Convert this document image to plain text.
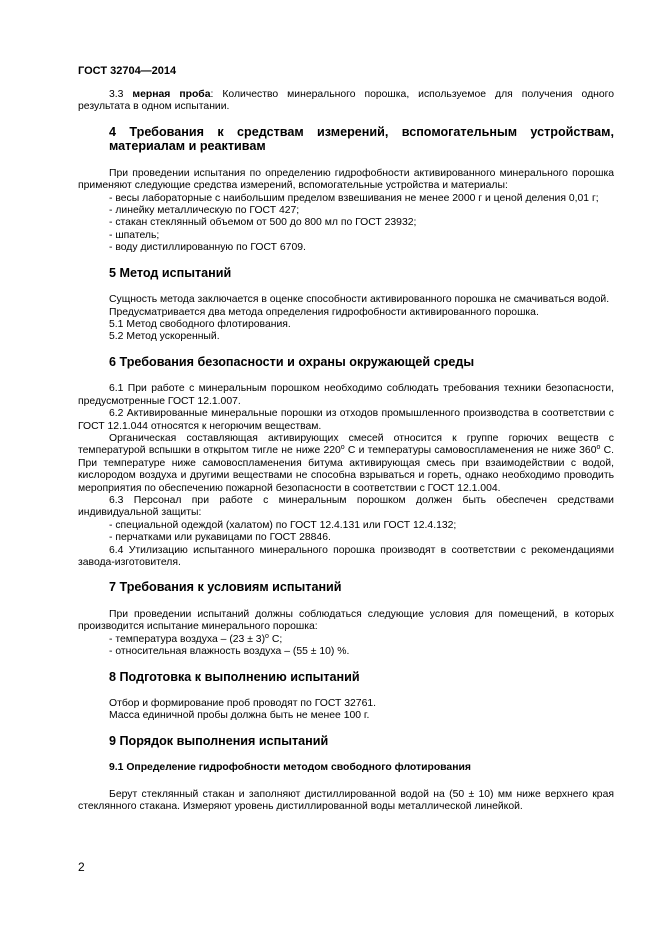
ГОСТ 32704—2014

3.3 мерная проба: Количество минерального порошка, используемое для получения одного результата в одном испытании.

4 Требования к средствам измерений, вспомогательным устройствам, материалам и реактивам

При проведении испытания по определению гидрофобности активированного минерального порошка применяют следующие средства измерений, вспомогательные устройства и материалы:

- весы лабораторные с наибольшим пределом взвешивания не менее 2000 г и ценой деления 0,01 г;

- линейку металлическую по ГОСТ 427;

- стакан стеклянный объемом от 500 до 800 мл по ГОСТ 23932;

- шпатель;

- воду дистиллированную по ГОСТ 6709.

5 Метод испытаний

Сущность метода заключается в оценке способности активированного порошка не смачиваться водой.

Предусматривается два метода определения гидрофобности активированного порошка.

5.1 Метод свободного флотирования.

5.2 Метод ускоренный.

6 Требования безопасности и охраны окружающей среды

6.1 При работе с минеральным порошком необходимо соблюдать требования техники безопасности, предусмотренные ГОСТ 12.1.007.

6.2 Активированные минеральные порошки из отходов промышленного производства в соответствии с ГОСТ 12.1.044 относятся к негорючим веществам.

Органическая составляющая активирующих смесей относится к группе горючих веществ с температурой вспышки в открытом тигле не ниже 220$^o$ С и температуры самовоспламенения не ниже 360$^o$ С. При температуре ниже самовоспламенения битума активирующая смесь при взаимодействии с водой, кислородом воздуха и другими веществами не способна взрываться и гореть, однако необходимо проводить мероприятия по обеспечению пожарной безопасности в соответствии с ГОСТ 12.1.004.

6.3 Персонал при работе с минеральным порошком должен быть обеспечен средствами индивидуальной защиты:

- специальной одеждой (халатом) по ГОСТ 12.4.131 или ГОСТ 12.4.132;

- перчатками или рукавицами по ГОСТ 28846.

6.4 Утилизацию испытанного минерального порошка производят в соответствии с рекомендациями завода-изготовителя.

7 Требования к условиям испытаний

При проведении испытаний должны соблюдаться следующие условия для помещений, в которых производится испытание минерального порошка:

- температура воздуха – $(23 \pm 3)^o$ С;

- относительная влажность воздуха – (55 ± 10) %.

8 Подготовка к выполнению испытаний

Отбор и формирование проб проводят по ГОСТ 32761.

Масса единичной пробы должна быть не менее 100 г.

9 Порядок выполнения испытаний
9.1 Определение гидрофобности методом свободного флотирования

Берут стеклянный стакан и заполняют дистиллированной водой на (50 ± 10) мм ниже верхнего края стеклянного стакана. Измеряют уровень дистиллированной воды металлической линейкой.

2
